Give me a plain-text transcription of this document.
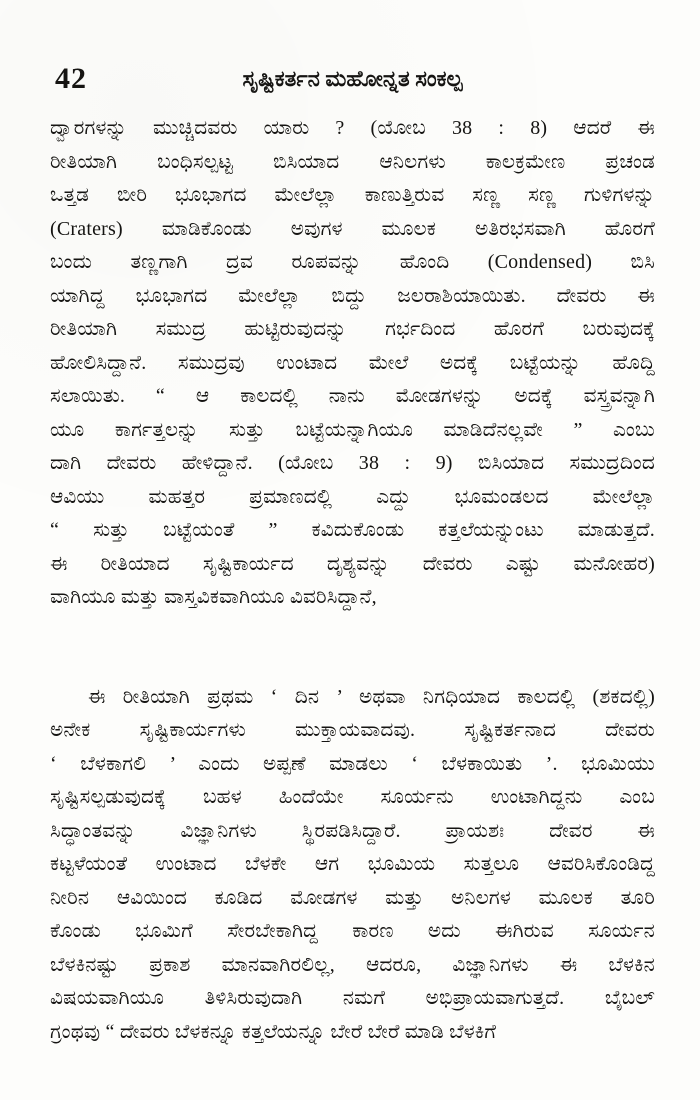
42	ಸೃಷ್ಟಿಕರ್ತನ ಮಹೋನ್ನತ ಸಂಕಲ್ಪ
ದ್ವಾರಗಳನ್ನು ಮುಚ್ಚಿದವರು ಯಾರು ? (ಯೋಬ 38 : 8) ಆದರೆ ಈ
ರೀತಿಯಾಗಿ ಬಂಧಿಸಲ್ಪಟ್ಟ ಬಿಸಿಯಾದ ಆನಿಲಗಳು ಕಾಲಕ್ರಮೇಣ ಪ್ರಚಂಡ
ಒತ್ತಡ ಬೀರಿ ಭೂಭಾಗದ ಮೇಲೆಲ್ಲಾ ಕಾಣುತ್ತಿರುವ ಸಣ್ಣ ಸಣ್ಣ ಗುಳಿಗಳನ್ನು
(Craters) ಮಾಡಿಕೊಂಡು ಅವುಗಳ ಮೂಲಕ ಅತಿರಭಸವಾಗಿ ಹೊರಗೆ
ಬಂದು ತಣ್ಣಗಾಗಿ ದ್ರವ ರೂಪವನ್ನು ಹೊಂದಿ (Condensed) ಬಿಸಿ
ಯಾಗಿದ್ದ ಭೂಭಾಗದ ಮೇಲೆಲ್ಲಾ ಬಿದ್ದು ಜಲರಾಶಿಯಾಯಿತು. ದೇವರು ಈ
ರೀತಿಯಾಗಿ ಸಮುದ್ರ ಹುಟ್ಟಿರುವುದನ್ನು ಗರ್ಭದಿಂದ ಹೊರಗೆ ಬರುವುದಕ್ಕೆ
ಹೋಲಿಸಿದ್ದಾನೆ. ಸಮುದ್ರವು ಉಂಟಾದ ಮೇಲೆ ಅದಕ್ಕೆ ಬಟ್ಟೆಯನ್ನು ಹೊದ್ದಿ
ಸಲಾಯಿತು. “ ಆ ಕಾಲದಲ್ಲಿ ನಾನು ಮೋಡಗಳನ್ನು ಅದಕ್ಕೆ ವಸ್ತ್ರವನ್ನಾಗಿ
ಯೂ ಕಾರ್ಗತ್ತಲನ್ನು ಸುತ್ತು ಬಟ್ಟೆಯನ್ನಾಗಿಯೂ ಮಾಡಿದೆನಲ್ಲವೇ ” ಎಂಬು
ದಾಗಿ ದೇವರು ಹೇಳಿದ್ದಾನೆ. (ಯೋಬ 38 : 9) ಬಿಸಿಯಾದ ಸಮುದ್ರದಿಂದ
ಆವಿಯು ಮಹತ್ತರ ಪ್ರಮಾಣದಲ್ಲಿ ಎದ್ದು ಭೂಮಂಡಲದ ಮೇಲೆಲ್ಲಾ
“ ಸುತ್ತು ಬಟ್ಟೆಯಂತೆ ” ಕವಿದುಕೊಂಡು ಕತ್ತಲೆಯನ್ನುಂಟು ಮಾಡುತ್ತದೆ.
ಈ ರೀತಿಯಾದ ಸೃಷ್ಟಿಕಾರ್ಯದ ದೃಶ್ಯವನ್ನು ದೇವರು ಎಷ್ಟು ಮನೋಹರ)
ವಾಗಿಯೂ ಮತ್ತು ವಾಸ್ತವಿಕವಾಗಿಯೂ ವಿವರಿಸಿದ್ದಾನೆ,
ಈ ರೀತಿಯಾಗಿ ಪ್ರಥಮ ‘ ದಿನ ’ ಅಥವಾ ನಿಗಧಿಯಾದ ಕಾಲದಲ್ಲಿ (ಶಕದಲ್ಲಿ)
ಅನೇಕ ಸೃಷ್ಟಿಕಾರ್ಯಗಳು ಮುಕ್ತಾಯವಾದವು. ಸೃಷ್ಟಿಕರ್ತನಾದ ದೇವರು
‘ ಬೆಳಕಾಗಲಿ ’ ಎಂದು ಅಪ್ಪಣೆ ಮಾಡಲು ‘ ಬೆಳಕಾಯಿತು ’. ಭೂಮಿಯು
ಸೃಷ್ಟಿಸಲ್ಪಡುವುದಕ್ಕೆ ಬಹಳ ಹಿಂದೆಯೇ ಸೂರ್ಯನು ಉಂಟಾಗಿದ್ದನು ಎಂಬ
ಸಿದ್ಧಾಂತವನ್ನು ವಿಜ್ಞಾನಿಗಳು ಸ್ಥಿರಪಡಿಸಿದ್ದಾರೆ. ಪ್ರಾಯಶಃ ದೇವರ ಈ
ಕಟ್ಟಳೆಯಂತೆ ಉಂಟಾದ ಬೆಳಕೇ ಆಗ ಭೂಮಿಯ ಸುತ್ತಲೂ ಆವರಿಸಿಕೊಂಡಿದ್ದ
ನೀರಿನ ಆವಿಯಿಂದ ಕೂಡಿದ ಮೋಡಗಳ ಮತ್ತು ಅನಿಲಗಳ ಮೂಲಕ ತೂರಿ
ಕೊಂಡು ಭೂಮಿಗೆ ಸೇರಬೇಕಾಗಿದ್ದ ಕಾರಣ ಅದು ಈಗಿರುವ ಸೂರ್ಯನ
ಬೆಳಕಿನಷ್ಟು ಪ್ರಕಾಶ ಮಾನವಾಗಿರಲಿಲ್ಲ, ಆದರೂ, ವಿಜ್ಞಾನಿಗಳು ಈ ಬೆಳಕಿನ
ವಿಷಯವಾಗಿಯೂ ತಿಳಿಸಿರುವುದಾಗಿ ನಮಗೆ ಅಭಿಪ್ರಾಯವಾಗುತ್ತದೆ. ಬೈಬಲ್
ಗ್ರಂಥವು “ ದೇವರು ಬೆಳಕನ್ನೂ ಕತ್ತಲೆಯನ್ನೂ ಬೇರೆ ಬೇರೆ ಮಾಡಿ ಬೆಳಕಿಗೆ
